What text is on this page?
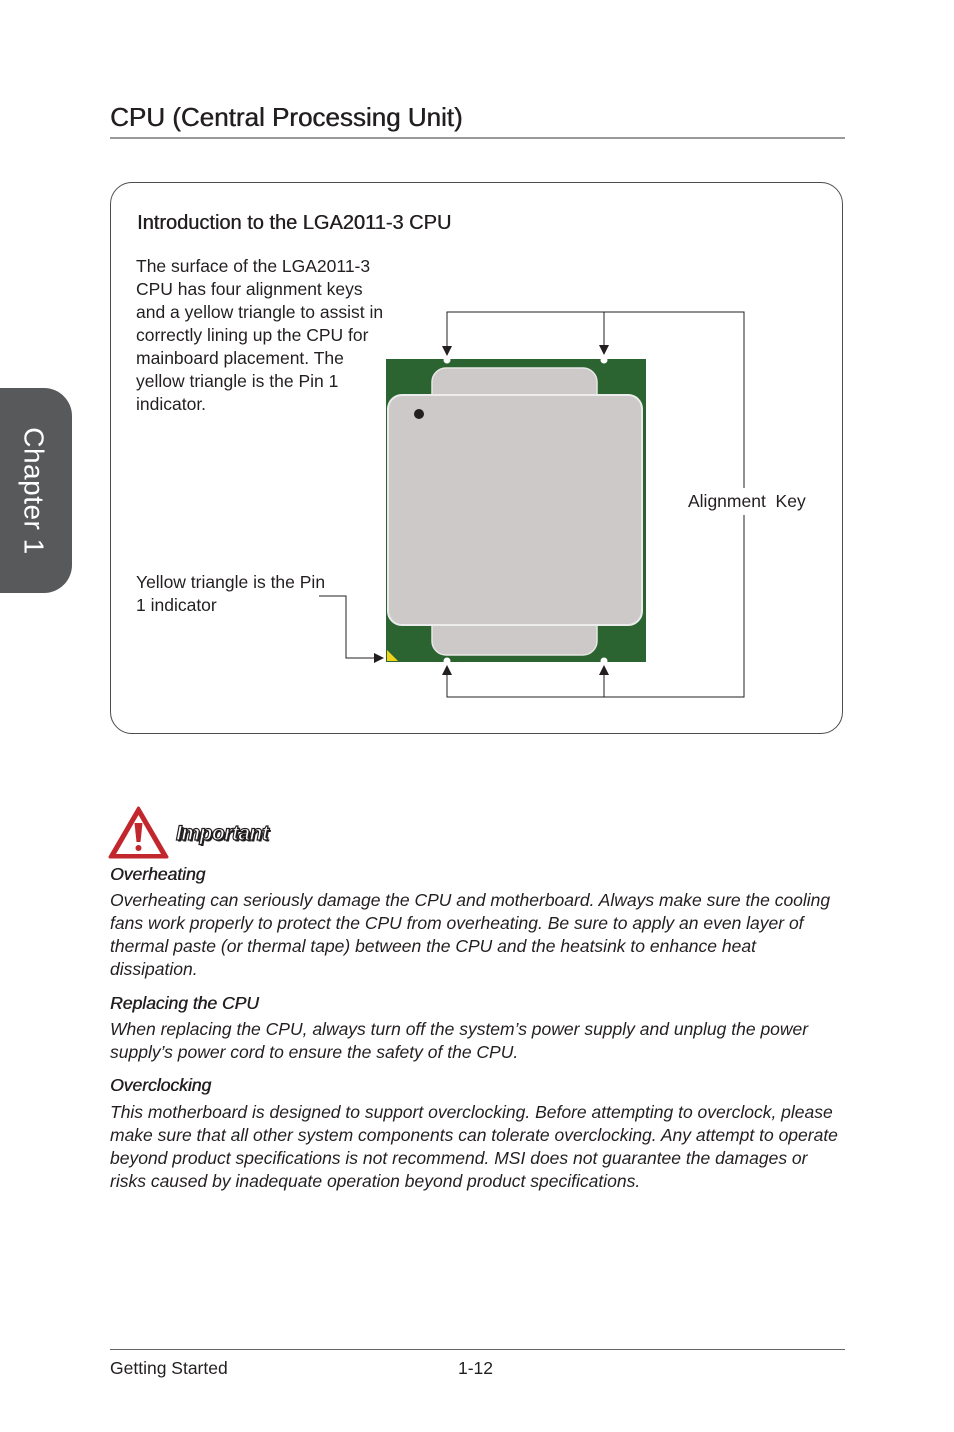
Chapter 1
CPU (Central Processing Unit)
Introduction to the LGA2011-3 CPU

The surface of the LGA2011-3 CPU has four alignment keys and a yellow triangle to assist in correctly lining up the CPU for mainboard placement. The yellow triangle is the Pin 1 indicator.

Yellow triangle is the Pin 1 indicator

Alignment  Key

Important
Overheating

Overheating can seriously damage the CPU and motherboard. Always make sure the cooling fans work properly to protect the CPU from overheating. Be sure to apply an even layer of thermal paste (or thermal tape) between the CPU and the heatsink to enhance heat dissipation.

Replacing the CPU

When replacing the CPU, always turn off the system’s power supply and unplug the power supply’s power cord to ensure the safety of the CPU.

Overclocking

This motherboard is designed to support overclocking. Before attempting to overclock, please make sure that all other system components can tolerate overclocking. Any attempt to operate beyond product specifications is not recommend. MSI does not guarantee the damages or risks caused by inadequate operation beyond product specifications.

Getting Started	1-12
